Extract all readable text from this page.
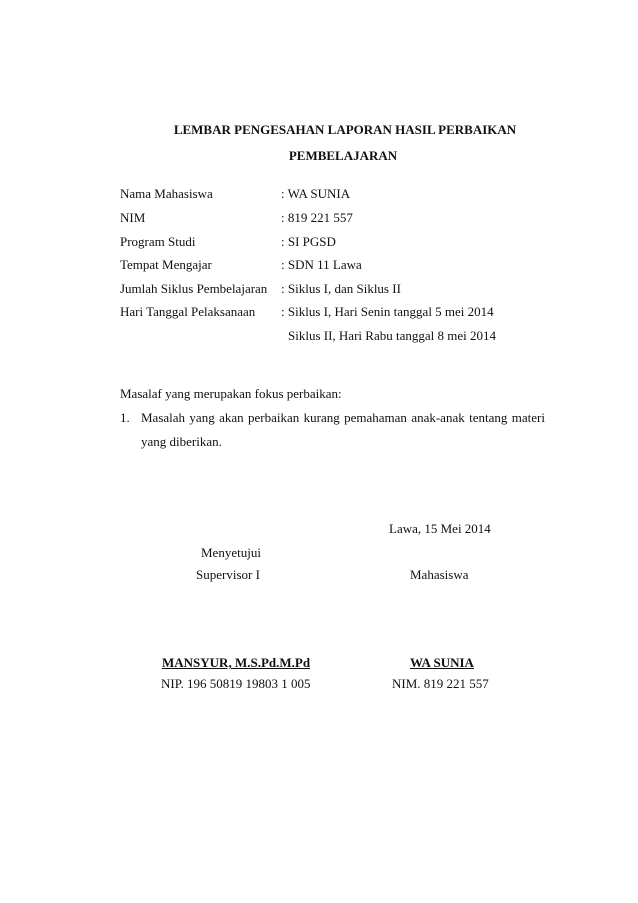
LEMBAR PENGESAHAN LAPORAN HASIL PERBAIKAN
PEMBELAJARAN
Nama Mahasiswa	: WA SUNIA
NIM	: 819 221 557
Program Studi	: SI PGSD
Tempat Mengajar	: SDN 11 Lawa
Jumlah Siklus Pembelajaran : Siklus I, dan Siklus II
Hari Tanggal Pelaksanaan : Siklus I, Hari Senin tanggal 5 mei 2014
Siklus II, Hari Rabu tanggal 8 mei 2014
Masalaf yang merupakan fokus perbaikan:
1. Masalah yang akan perbaikan kurang pemahaman anak-anak tentang materi
yang diberikan.
Lawa, 15 Mei 2014
Menyetujui
Supervisor I	Mahasiswa
MANSYUR, M.S.Pd.M.Pd
NIP. 196 50819 19803 1 005
WA SUNIA
NIM. 819 221 557
